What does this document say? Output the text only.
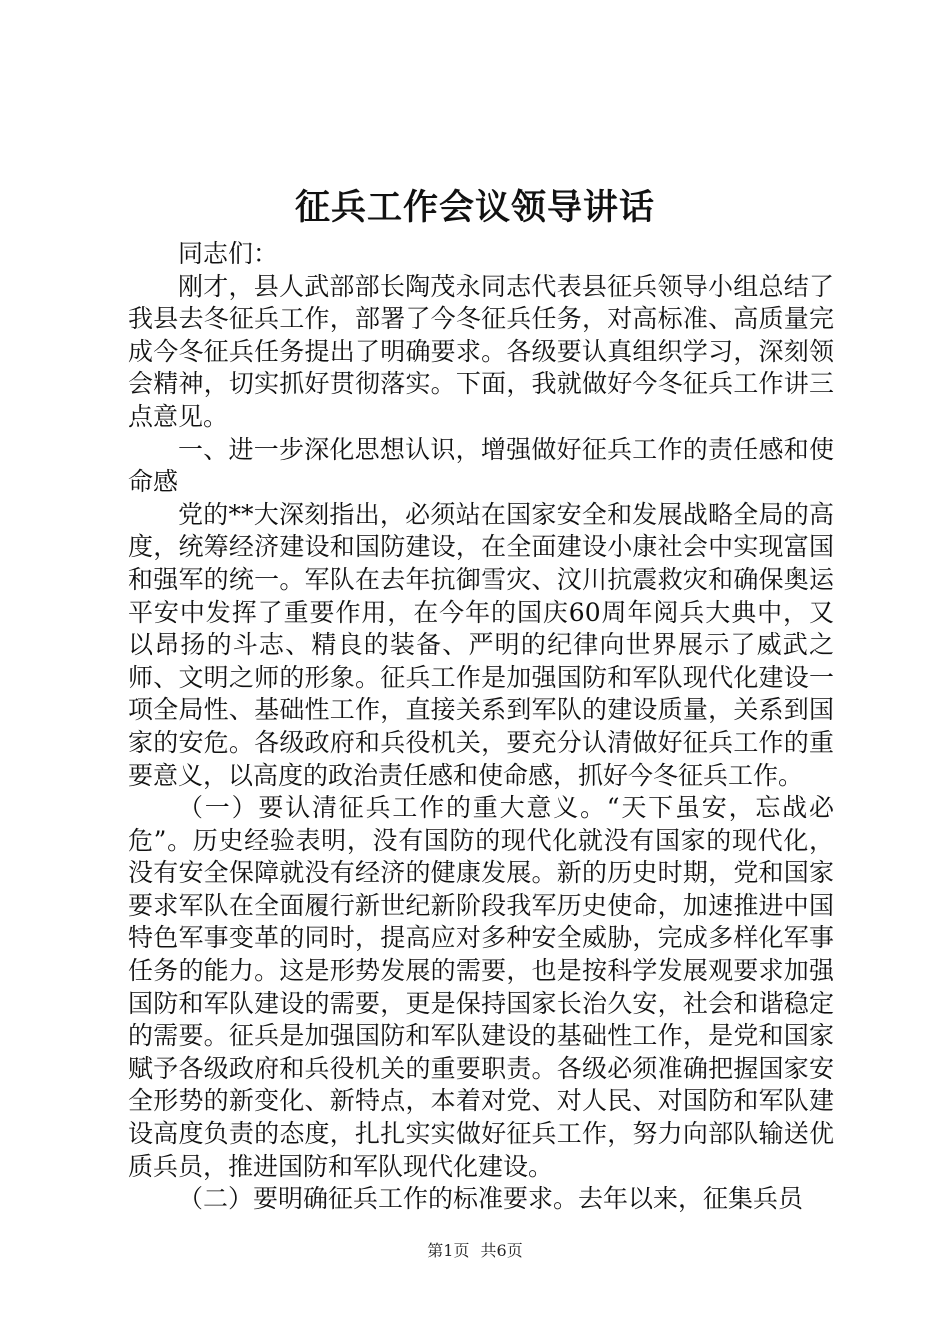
征兵工作会议领导讲话

同志们：

刚才，县人武部部长陶茂永同志代表县征兵领导小组总结了我县去冬征兵工作，部署了今冬征兵任务，对高标准、高质量完成今冬征兵任务提出了明确要求。各级要认真组织学习，深刻领会精神，切实抓好贯彻落实。下面，我就做好今冬征兵工作讲三点意见。

一、进一步深化思想认识，增强做好征兵工作的责任感和使命感

党的**大深刻指出，必须站在国家安全和发展战略全局的高度，统筹经济建设和国防建设，在全面建设小康社会中实现富国和强军的统一。军队在去年抗御雪灾、汶川抗震救灾和确保奥运平安中发挥了重要作用，在今年的国庆60周年阅兵大典中，又以昂扬的斗志、精良的装备、严明的纪律向世界展示了威武之师、文明之师的形象。征兵工作是加强国防和军队现代化建设一项全局性、基础性工作，直接关系到军队的建设质量，关系到国家的安危。各级政府和兵役机关，要充分认清做好征兵工作的重要意义，以高度的政治责任感和使命感，抓好今冬征兵工作。

（一）要认清征兵工作的重大意义。“天下虽安，忘战必危”。历史经验表明，没有国防的现代化就没有国家的现代化，没有安全保障就没有经济的健康发展。新的历史时期，党和国家要求军队在全面履行新世纪新阶段我军历史使命，加速推进中国特色军事变革的同时，提高应对多种安全威胁，完成多样化军事任务的能力。这是形势发展的需要，也是按科学发展观要求加强国防和军队建设的需要，更是保持国家长治久安，社会和谐稳定的需要。征兵是加强国防和军队建设的基础性工作，是党和国家赋予各级政府和兵役机关的重要职责。各级必须准确把握国家安全形势的新变化、新特点，本着对党、对人民、对国防和军队建设高度负责的态度，扎扎实实做好征兵工作，努力向部队输送优质兵员，推进国防和军队现代化建设。

（二）要明确征兵工作的标准要求。去年以来，征集兵员

第1页 共6页
